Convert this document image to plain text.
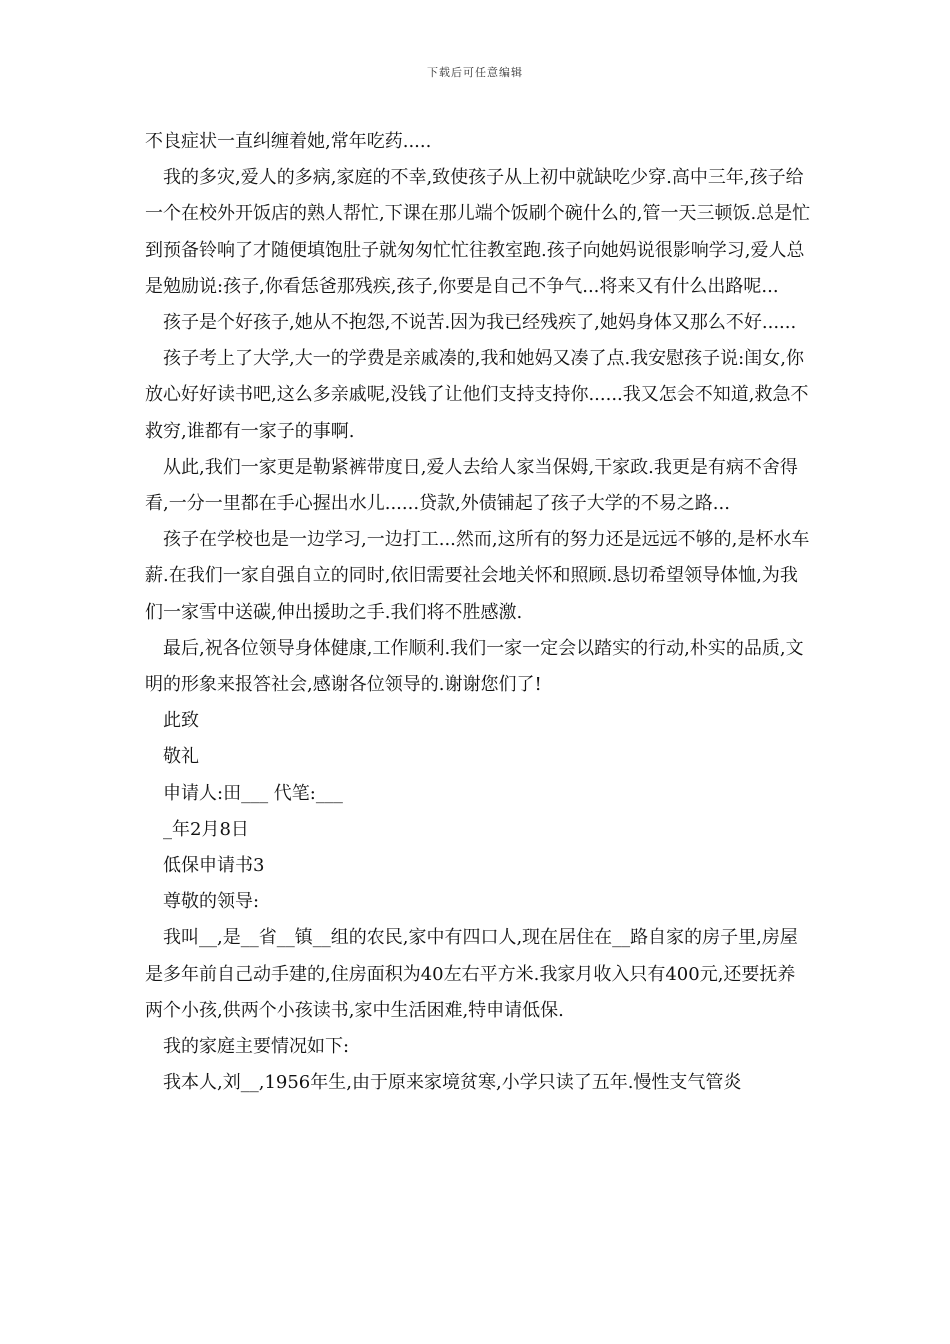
下载后可任意编辑

不良症状一直纠缠着她,常年吃药.....

我的多灾,爱人的多病,家庭的不幸,致使孩子从上初中就缺吃少穿.高中三年,孩子给一个在校外开饭店的熟人帮忙,下课在那儿端个饭刷个碗什么的,管一天三顿饭.总是忙到预备铃响了才随便填饱肚子就匆匆忙忙往教室跑.孩子向她妈说很影响学习,爱人总是勉励说:孩子,你看恁爸那残疾,孩子,你要是自己不争气...将来又有什么出路呢...

孩子是个好孩子,她从不抱怨,不说苦.因为我已经残疾了,她妈身体又那么不好......

孩子考上了大学,大一的学费是亲戚凑的,我和她妈又凑了点.我安慰孩子说:闺女,你放心好好读书吧,这么多亲戚呢,没钱了让他们支持支持你......我又怎会不知道,救急不救穷,谁都有一家子的事啊.

从此,我们一家更是勒紧裤带度日,爱人去给人家当保姆,干家政.我更是有病不舍得看,一分一里都在手心握出水儿......贷款,外债铺起了孩子大学的不易之路...

孩子在学校也是一边学习,一边打工...然而,这所有的努力还是远远不够的,是杯水车薪.在我们一家自强自立的同时,依旧需要社会地关怀和照顾.恳切希望领导体恤,为我们一家雪中送碳,伸出援助之手.我们将不胜感激.

最后,祝各位领导身体健康,工作顺利.我们一家一定会以踏实的行动,朴实的品质,文明的形象来报答社会,感谢各位领导的.谢谢您们了!

此致

敬礼

申请人:田___ 代笔:___

_年2月8日

低保申请书3

尊敬的领导:

我叫__,是__省__镇__组的农民,家中有四口人,现在居住在__路自家的房子里,房屋是多年前自己动手建的,住房面积为40左右平方米.我家月收入只有400元,还要抚养两个小孩,供两个小孩读书,家中生活困难,特申请低保.

我的家庭主要情况如下:

我本人,刘__,1956年生,由于原来家境贫寒,小学只读了五年.慢性支气管炎
